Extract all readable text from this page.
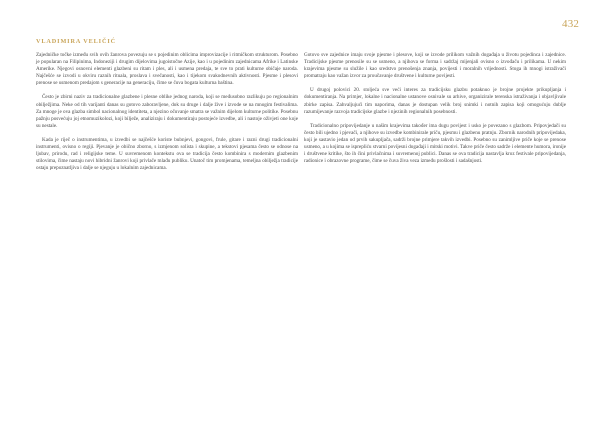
432
VLADIMIRA VELIČIĆ

Zajedničke točke između svih ovih žanrova povezuju se s pojedinim oblicima improvizacije i ritmičkom strukturom. Posebno je popularan na Filipinima, Indoneziji i drugim dijelovima jugoistočne Azije, kao i u pojedinim zajednicama Afrike i Latinske Amerike. Njegovi osnovni elementi glazbeni su ritam i ples, ali i usmena predaja, te sve to prati kulturne običaje naroda. Najčešće se izvodi u okviru raznih rituala, proslava i svečanosti, kao i tijekom svakodnevnih aktivnosti. Pjesme i plesovi prenose se usmenom predajom s generacije na generaciju, čime se čuva bogata kulturna baština.

Često je zbirni naziv za tradicionalne glazbene i plesne oblike jednog naroda, koji se međusobno razlikuju po regionalnim obilježjima. Neke od tih varijanti danas su gotovo zaboravljene, dok su druge i dalje žive i izvode se na mnogim festivalima. Za mnoge je ova glazba simbol nacionalnog identiteta, a njezino očuvanje smatra se važnim dijelom kulturne politike. Posebnu pažnju posvećuju joj etnomuzikolozi, koji bilježe, analiziraju i dokumentiraju postojeće izvedbe, ali i nastoje oživjeti one koje su nestale.

Kada je riječ o instrumentima, u izvedbi se najčešće koriste bubnjevi, gongovi, frule, gitare i razni drugi tradicionalni instrumenti, ovisno o regiji. Pjevanje je obično zborno, s izmjenom solista i skupine, a tekstovi pjesama često se odnose na ljubav, prirodu, rad i religijske teme. U suvremenom kontekstu ova se tradicija često kombinira s modernim glazbenim stilovima, čime nastaju novi hibridni žanrovi koji privlače mlađu publiku. Unatoč tim promjenama, temeljna obilježja tradicije ostaju prepoznatljiva i dalje se njeguju u lokalnim zajednicama.

Gotovo sve zajednice imaju svoje pjesme i plesove, koji se izvode prilikom važnih događaja u životu pojedinca i zajednice. Tradicijske pjesme prenosile su se usmeno, a njihova se forma i sadržaj mijenjali ovisno o izvođaču i prilikama. U nekim krajevima pjesme su služile i kao sredstvo prenošenja znanja, povijesti i moralnih vrijednosti. Stoga ih mnogi istraživači promatraju kao važan izvor za proučavanje društvene i kulturne povijesti.

U drugoj polovici 20. stoljeća sve veći interes za tradicijsku glazbu potaknuo je brojne projekte prikupljanja i dokumentiranja. Na primjer, lokalne i nacionalne ustanove osnivale su arhive, organizirale terenska istraživanja i objavljivale zbirke zapisa. Zahvaljujući tim naporima, danas je dostupan velik broj snimki i notnih zapisa koji omogućuju dublje razumijevanje razvoja tradicijske glazbe i njezinih regionalnih posebnosti.

Tradicionalno pripovijedanje u našim krajevima također ima dugu povijest i usko je povezano s glazbom. Pripovjedači su često bili ujedno i pjevači, a njihove su izvedbe kombinirale priču, pjesmu i glazbenu pratnju. Zbornik narodnih pripovijedaka, koji je sastavio jedan od prvih sakupljača, sadrži brojne primjere takvih izvedbi. Posebno su zanimljive priče koje se prenose usmeno, a u kojima se isprepliću stvarni povijesni događaji i mitski motivi. Takve priče često sadrže i elemente humora, ironije i društvene kritike, što ih čini privlačnima i suvremenoj publici. Danas se ova tradicija nastavlja kroz festivale pripovijedanja, radionice i obrazovne programe, čime se čuva živa veza između prošlosti i sadašnjosti.
